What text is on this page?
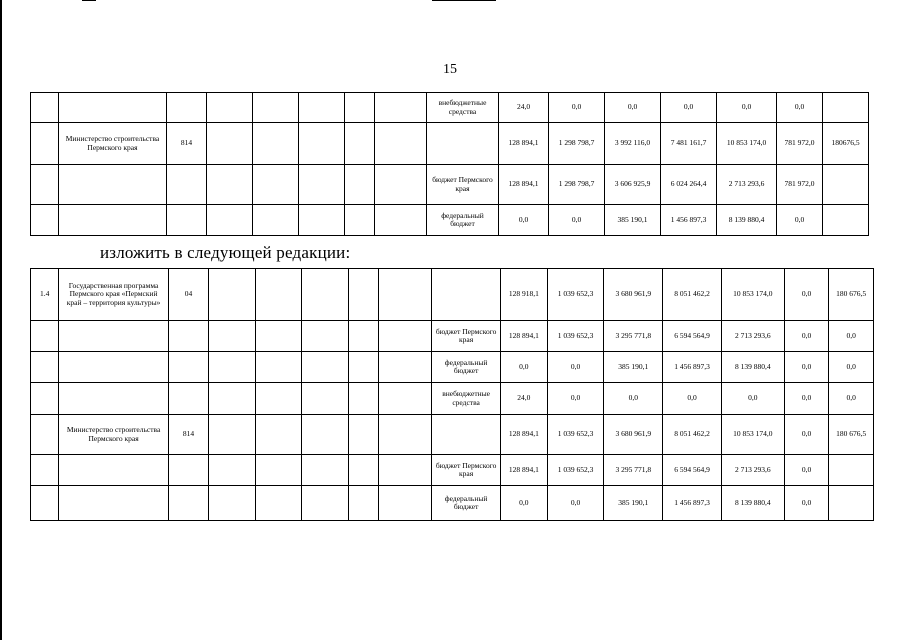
15
								внебюджетные средства	24,0	0,0	0,0	0,0	0,0	0,0	
	Министерство строительства Пермского края	814							128 894,1	1 298 798,7	3 992 116,0	7 481 161,7	10 853 174,0	781 972,0	180676,5
								бюджет Пермского края	128 894,1	1 298 798,7	3 606 925,9	6 024 264,4	2 713 293,6	781 972,0	
								федеральный бюджет	0,0	0,0	385 190,1	1 456 897,3	8 139 880,4	0,0	
изложить в следующей редакции:
1.4	Государственная программа Пермского края «Пермский край – территория культуры»	04							128 918,1	1 039 652,3	3 680 961,9	8 051 462,2	10 853 174,0	0,0	180 676,5
								бюджет Пермского края	128 894,1	1 039 652,3	3 295 771,8	6 594 564,9	2 713 293,6	0,0	0,0
								федеральный бюджет	0,0	0,0	385 190,1	1 456 897,3	8 139 880,4	0,0	0,0
								внебюджетные средства	24,0	0,0	0,0	0,0	0,0	0,0	0,0
	Министерство строительства Пермского края	814							128 894,1	1 039 652,3	3 680 961,9	8 051 462,2	10 853 174,0	0,0	180 676,5
								бюджет Пермского края	128 894,1	1 039 652,3	3 295 771,8	6 594 564,9	2 713 293,6	0,0	
								федеральный бюджет	0,0	0,0	385 190,1	1 456 897,3	8 139 880,4	0,0	
